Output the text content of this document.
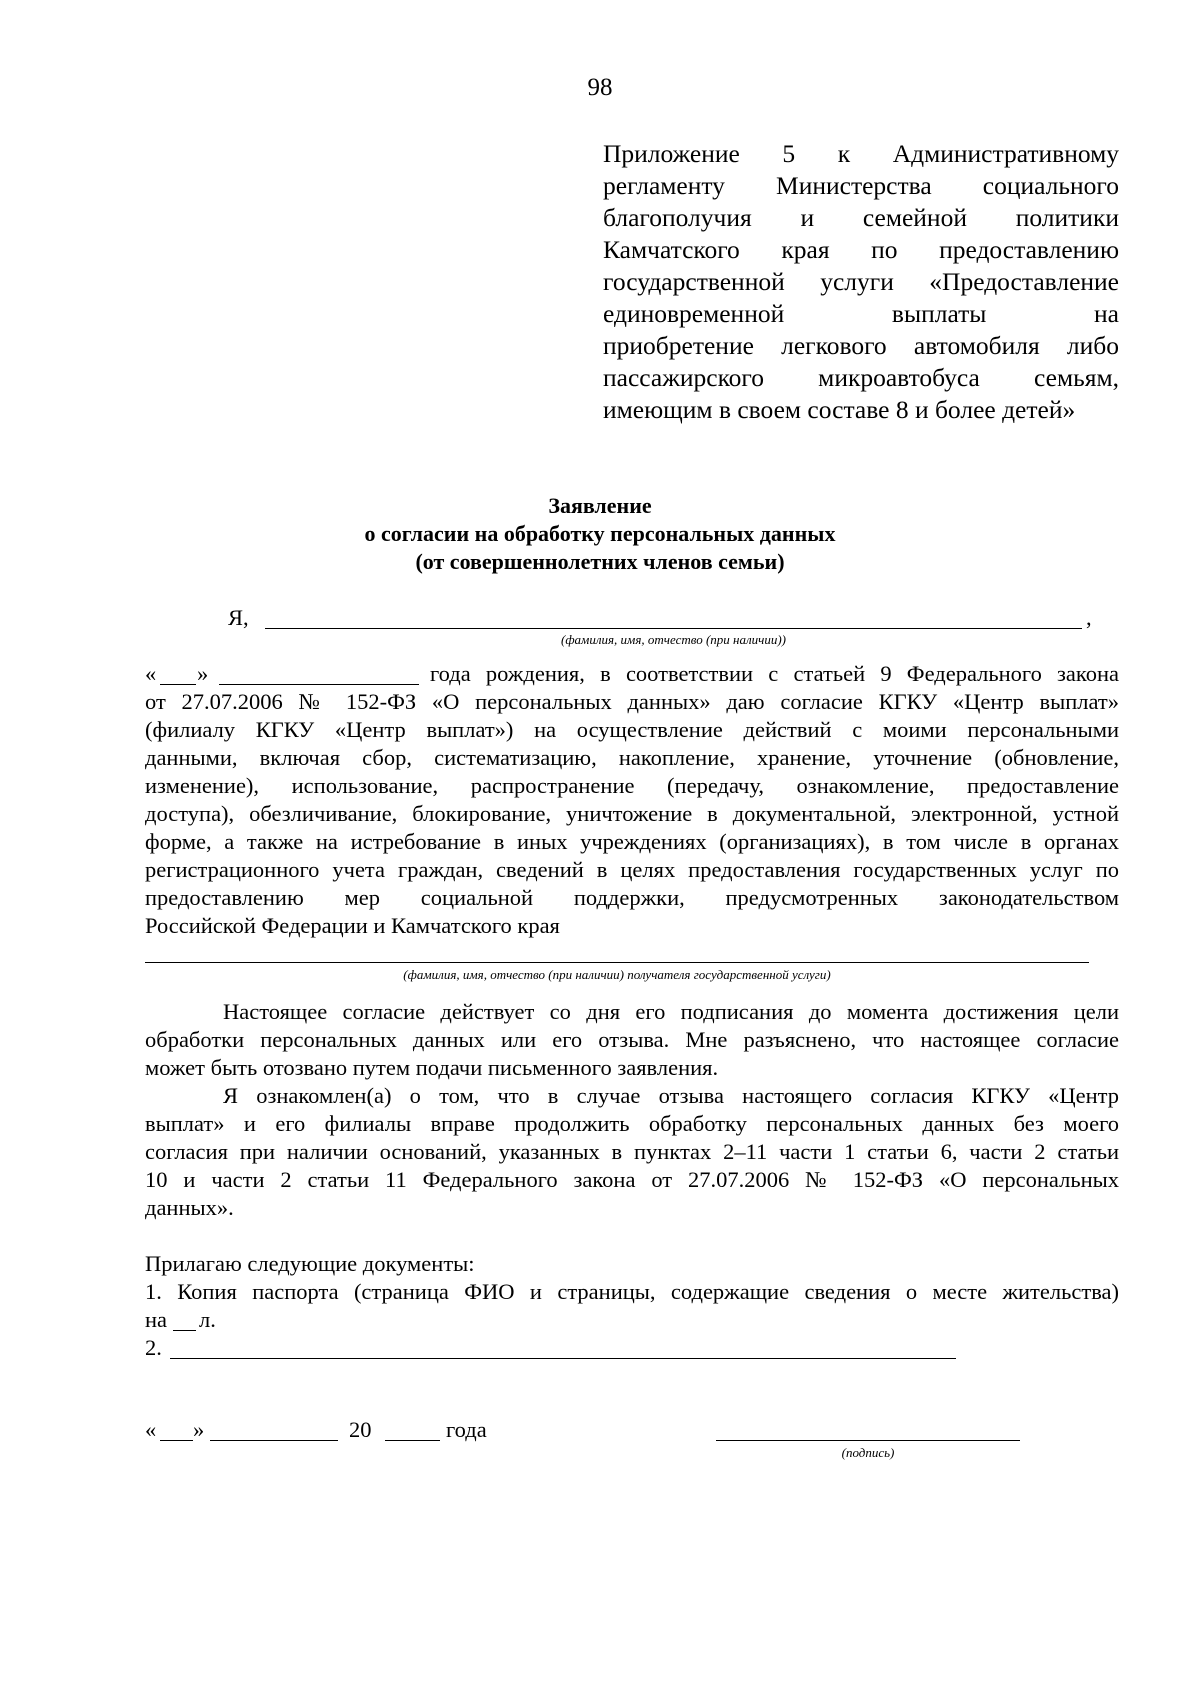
98
Приложение 5 к Административному
регламенту Министерства социального
благополучия и семейной политики
Камчатского края по предоставлению
государственной услуги «Предоставление
единовременной выплаты на
приобретение легкового автомобиля либо
пассажирского микроавтобуса семьям,
имеющим в своем составе 8 и более детей»
Заявление
о согласии на обработку персональных данных
(от совершеннолетних членов семьи)
Я,	,
(фамилия, имя, отчество (при наличии))
« »	года рождения, в соответствии с статьей 9 Федерального закона
от 27.07.2006 № 152-ФЗ «О персональных данных» даю согласие КГКУ «Центр выплат»
(филиалу КГКУ «Центр выплат») на осуществление действий с моими персональными
данными, включая сбор, систематизацию, накопление, хранение, уточнение (обновление,
изменение), использование, распространение (передачу, ознакомление, предоставление
доступа), обезличивание, блокирование, уничтожение в документальной, электронной, устной
форме, а также на истребование в иных учреждениях (организациях), в том числе в органах
регистрационного учета граждан, сведений в целях предоставления государственных услуг по
предоставлению мер социальной поддержки, предусмотренных законодательством
Российской Федерации и Камчатского края
(фамилия, имя, отчество (при наличии) получателя государственной услуги)
Настоящее согласие действует со дня его подписания до момента достижения цели
обработки персональных данных или его отзыва. Мне разъяснено, что настоящее согласие
может быть отозвано путем подачи письменного заявления.
Я ознакомлен(а) о том, что в случае отзыва настоящего согласия КГКУ «Центр
выплат» и его филиалы вправе продолжить обработку персональных данных без моего
согласия при наличии оснований, указанных в пунктах 2–11 части 1 статьи 6, части 2 статьи
10 и части 2 статьи 11 Федерального закона от 27.07.2006 № 152-ФЗ «О персональных
данных».
Прилагаю следующие документы:
1. Копия паспорта (страница ФИО и страницы, содержащие сведения о месте жительства)
на л.
2.
« »	20	года
(подпись)
